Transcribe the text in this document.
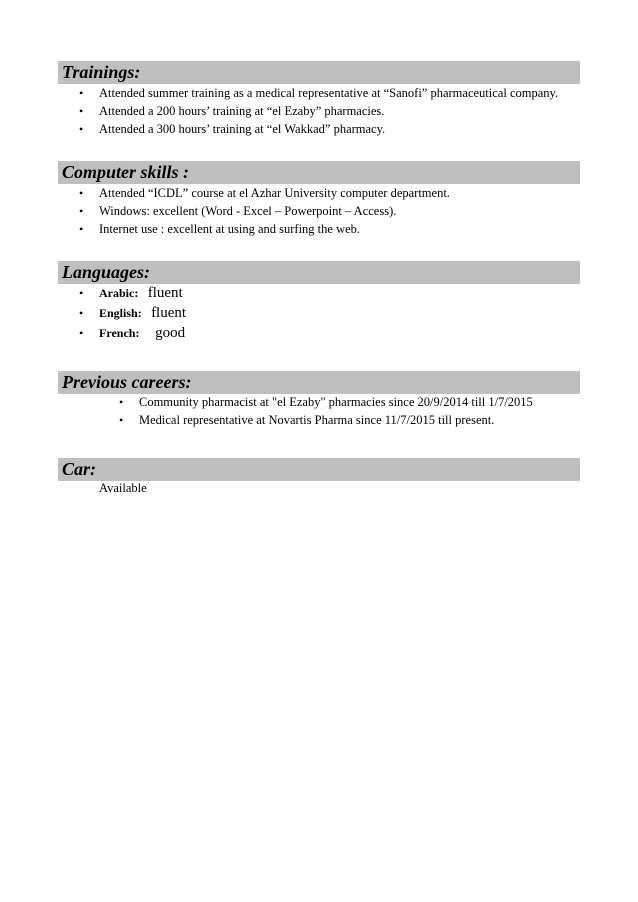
Trainings:
• Attended summer training as a medical representative at “Sanofi” pharmaceutical company.
• Attended a 200 hours’ training at “el Ezaby” pharmacies.
• Attended a 300 hours’ training at “el Wakkad” pharmacy.
Computer skills :
• Attended “ICDL” course at el Azhar University computer department.
• Windows: excellent (Word - Excel – Powerpoint – Access).
• Internet use : excellent at using and surfing the web.
Languages:
• Arabic: fluent
• English: fluent
• French: good
Previous careers:
• Community pharmacist at "el Ezaby" pharmacies since 20/9/2014 till 1/7/2015
• Medical representative at Novartis Pharma since 11/7/2015 till present.
Car:
Available
